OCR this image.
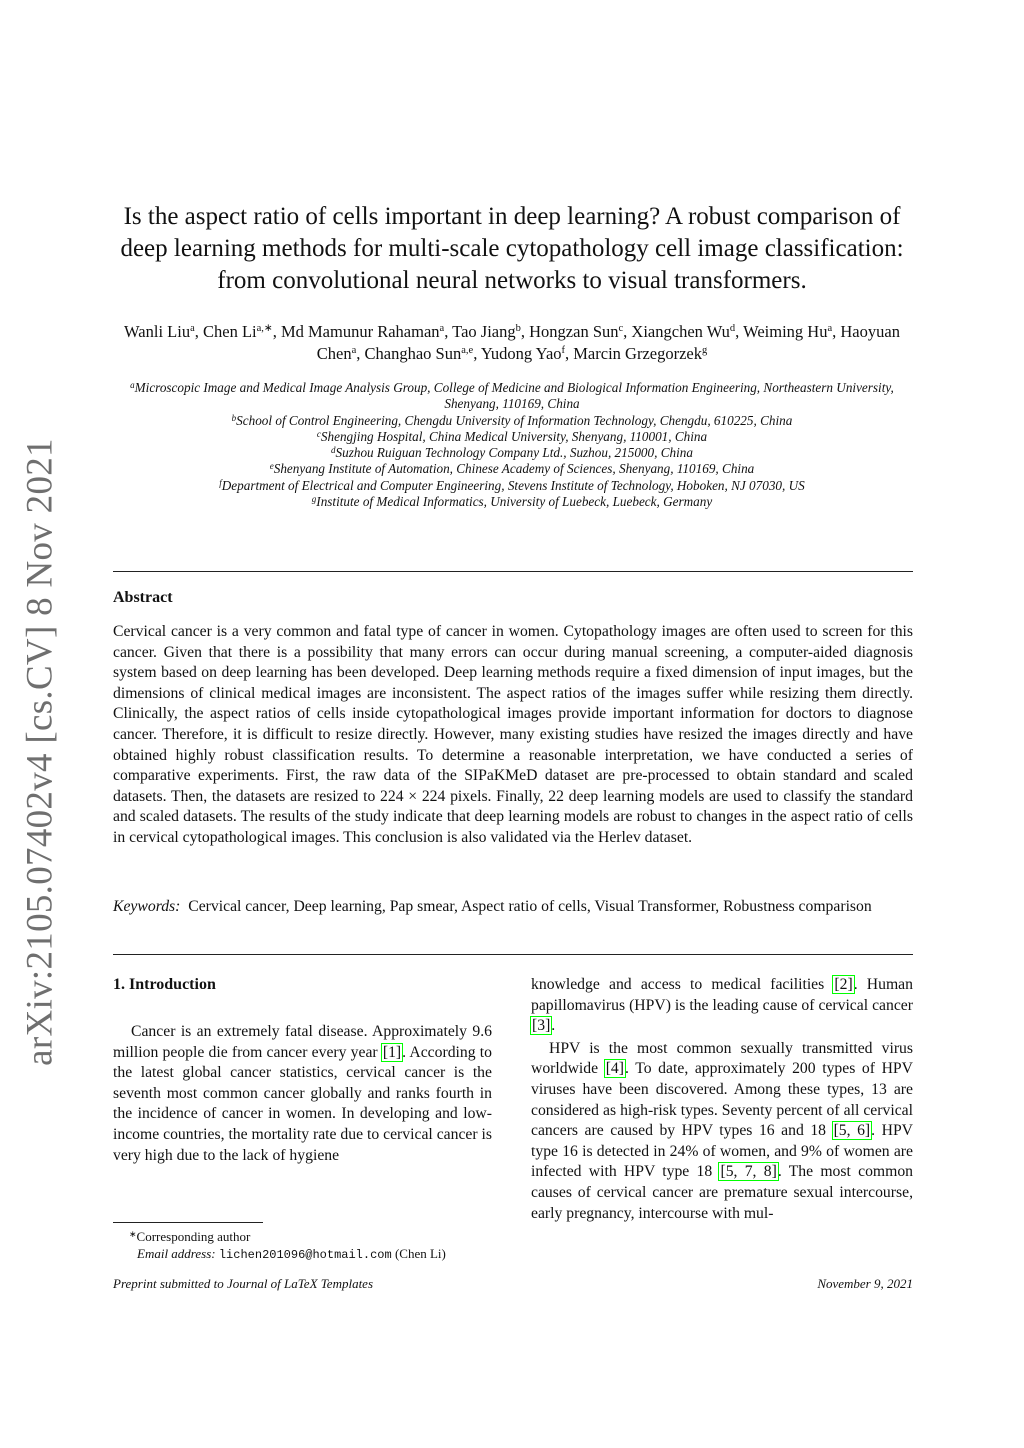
arXiv:2105.07402v4 [cs.CV] 8 Nov 2021
Is the aspect ratio of cells important in deep learning? A robust comparison of deep learning methods for multi-scale cytopathology cell image classification: from convolutional neural networks to visual transformers.
Wanli Liu$^a$, Chen $Li^{a,∗}$, Md Mamunur Rahaman$^a$, Tao Jiang$^b$, Hongzan Sun$^c$, Xiangchen Wu$^d$, Weiming Hu$^a$, Haoyuan Chen$^a$, Changhao Sun$^{a,e}$, Yudong Yao$^f$, Marcin Grzegorzek$^g$
$^a$Microscopic Image and Medical Image Analysis Group, College of Medicine and Biological Information Engineering, Northeastern University, Shenyang, 110169, China
$^b$School of Control Engineering, Chengdu University of Information Technology, Chengdu, 610225, China
$^c$Shengjing Hospital, China Medical University, Shenyang, 110001, China
$^d$Suzhou Ruiguan Technology Company Ltd., Suzhou, 215000, China
$^e$Shenyang Institute of Automation, Chinese Academy of Sciences, Shenyang, 110169, China
$^f$Department of Electrical and Computer Engineering, Stevens Institute of Technology, Hoboken, NJ 07030, US
$^g$Institute of Medical Informatics, University of Luebeck, Luebeck, Germany
Abstract
Cervical cancer is a very common and fatal type of cancer in women. Cytopathology images are often used to screen for this cancer. Given that there is a possibility that many errors can occur during manual screening, a computer-aided diagnosis system based on deep learning has been developed. Deep learning methods require a fixed dimension of input images, but the dimensions of clinical medical images are inconsistent. The aspect ratios of the images suffer while resizing them directly. Clinically, the aspect ratios of cells inside cytopathological images provide important information for doctors to diagnose cancer. Therefore, it is difficult to resize directly. However, many existing studies have resized the images directly and have obtained highly robust classification results. To determine a reasonable interpretation, we have conducted a series of comparative experiments. First, the raw data of the SIPaKMeD dataset are pre-processed to obtain standard and scaled datasets. Then, the datasets are resized to 224 × 224 pixels. Finally, 22 deep learning models are used to classify the standard and scaled datasets. The results of the study indicate that deep learning models are robust to changes in the aspect ratio of cells in cervical cytopathological images. This conclusion is also validated via the Herlev dataset.
Keywords: Cervical cancer, Deep learning, Pap smear, Aspect ratio of cells, Visual Transformer, Robustness comparison
1. Introduction

Cancer is an extremely fatal disease. Approximately 9.6 million people die from cancer every year [1]. According to the latest global cancer statistics, cervical cancer is the seventh most common cancer globally and ranks fourth in the incidence of cancer in women. In developing and low-income countries, the mortality rate due to cervical cancer is very high due to the lack of hygiene

knowledge and access to medical facilities [2]. Human papillomavirus (HPV) is the leading cause of cervical cancer [3].

HPV is the most common sexually transmitted virus worldwide [4]. To date, approximately 200 types of HPV viruses have been discovered. Among these types, 13 are considered as high-risk types. Seventy percent of all cervical cancers are caused by HPV types 16 and 18 [5, 6]. HPV type 16 is detected in 24% of women, and 9% of women are infected with HPV type 18 [5, 7, 8]. The most common causes of cervical cancer are premature sexual intercourse, early pregnancy, intercourse with mul-

∗Corresponding author
Email address: lichen201096@hotmail.com (Chen Li)
Preprint submitted to Journal of LaTeX Templates	November 9, 2021
